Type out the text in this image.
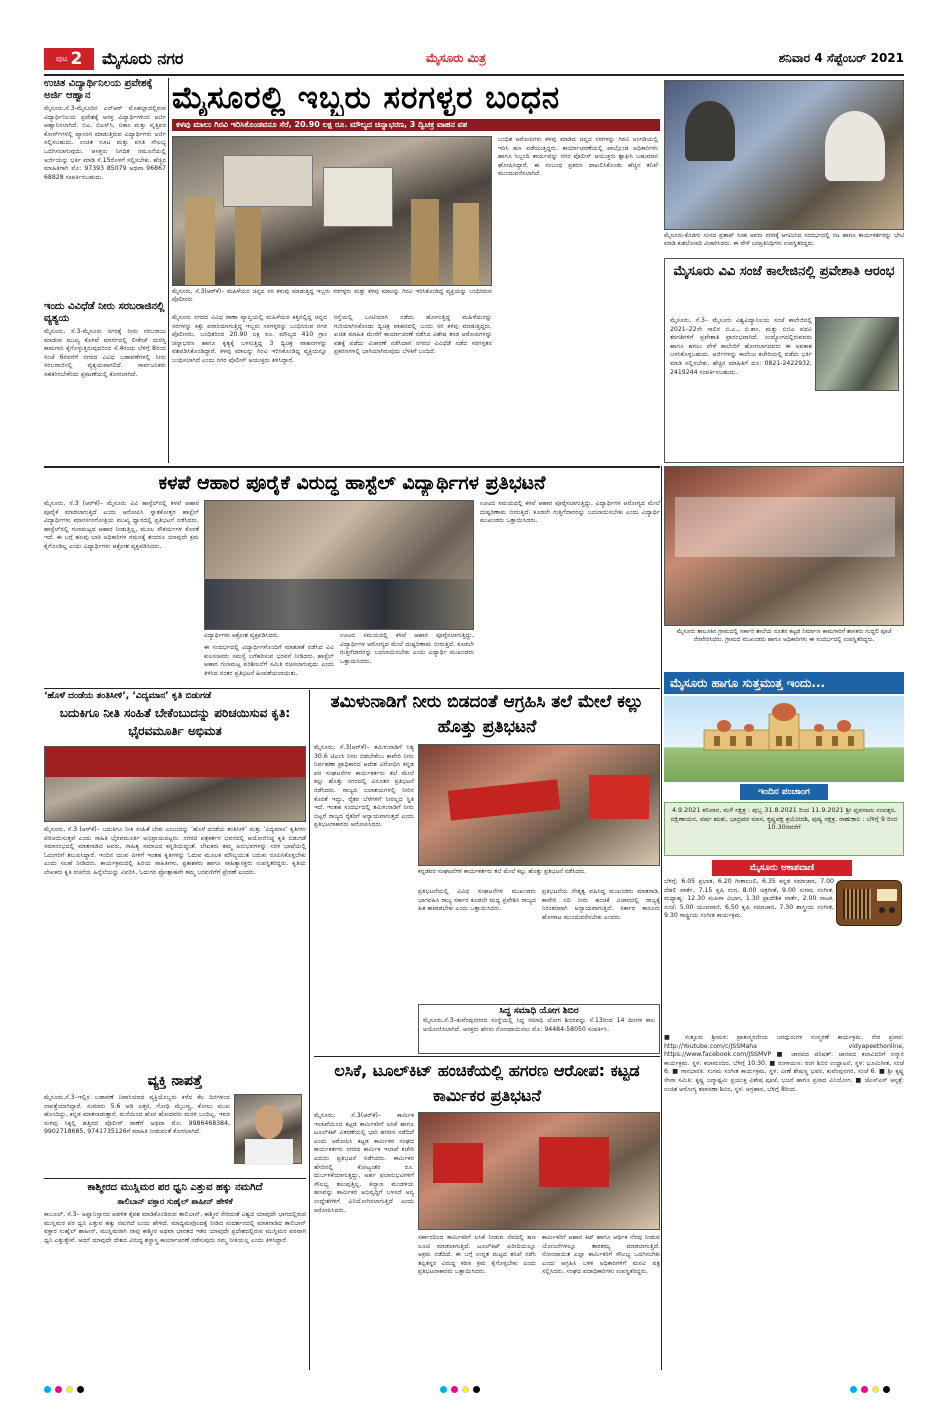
ಪುಟ 2 ಮೈಸೂರು ನಗರ	ಮೈಸೂರು ಮಿತ್ರ	ಶನಿವಾರ 4 ಸೆಪ್ಟೆಂಬರ್ 2021
ಉಚಿತ ವಿದ್ಯಾರ್ಥಿನಿಲಯ ಪ್ರವೇಶಕ್ಕೆ ಅರ್ಜಿ ಆಹ್ವಾನ
ಮೈಸೂರು,ಸೆ.3-ಮೈಸೂರಿನ ಎನ್‌ಆರ್ ಮೊಹಲ್ಲಾದಲ್ಲಿರುವ ವಿದ್ಯಾರ್ಥಿನಿಲಯ ಪ್ರವೇಶಕ್ಕೆ ಆಸಕ್ತ ವಿದ್ಯಾರ್ಥಿಗಳಿಂದ ಅರ್ಜಿ ಆಹ್ವಾನಿಸಲಾಗಿದೆ. ಬಿಎ, ಬಿಎಸ್‌ಸಿ, ಬಿಕಾಂ ಮತ್ತು ವೃತ್ತಿಪರ ಕೋರ್ಸ್‌ಗಳಲ್ಲಿ ವ್ಯಾಸಂಗ ಮಾಡುತ್ತಿರುವ ವಿದ್ಯಾರ್ಥಿಗಳು ಅರ್ಜಿ ಸಲ್ಲಿಸಬಹುದು. ಉಚಿತ ಊಟ ಮತ್ತು ವಸತಿ ಸೌಲಭ್ಯ ಒದಗಿಸಲಾಗುವುದು. ಆಸಕ್ತರು ನಿಗದಿತ ನಮೂನೆಯಲ್ಲಿ ಅರ್ಜಿಯನ್ನು ಭರ್ತಿ ಮಾಡಿ ಸೆ.15ರೊಳಗೆ ಸಲ್ಲಿಸಬೇಕು. ಹೆಚ್ಚಿನ ಮಾಹಿತಿಗಾಗಿ ಮೊ: 97393 85079 ಅಥವಾ 96867 68828 ಸಂಪರ್ಕಿಸಬಹುದು.
ಇಂದು ವಿವಿಧೆಡೆ ನೀರು ಸರಬರಾಜಿನಲ್ಲಿ ವ್ಯತ್ಯಯ
ಮೈಸೂರು, ಸೆ.3-ಮೈಸೂರು ನಗರಕ್ಕೆ ನೀರು ಸರಬರಾಜು ಮಾಡುವ ಮುಖ್ಯ ಕೊಳವೆ ಮಾರ್ಗದಲ್ಲಿ ಲೀಕೇಜ್ ದುರಸ್ತಿ ಕಾಮಗಾರಿ ಕೈಗೊಳ್ಳುತ್ತಿರುವುದರಿಂದ ಸೆ.4ರಂದು ಬೆಳಿಗ್ಗೆ 8ರಿಂದ ಸಂಜೆ 6ರವರೆಗೆ ನಗರದ ವಿವಿಧ ಬಡಾವಣೆಗಳಲ್ಲಿ ನೀರು ಸರಬರಾಜಿನಲ್ಲಿ ವ್ಯತ್ಯಯವಾಗಲಿದೆ. ಸಾರ್ವಜನಿಕರು ಸಹಕರಿಸಬೇಕೆಂದು ಪ್ರಕಟಣೆಯಲ್ಲಿ ಕೋರಲಾಗಿದೆ.
ಮೈಸೂರಲ್ಲಿ ಇಬ್ಬರು ಸರಗಳ್ಳರ ಬಂಧನ
ಕಳವು ಮಾಲು ಗಿರವಿ ಇರಿಸಿಕೊಂಡವನೂ ಸೆರೆ, 20.90 ಲಕ್ಷ ರೂ. ಮೌಲ್ಯದ ಚಿನ್ನಾಭರಣ, 3 ದ್ವಿಚಕ್ರ ವಾಹನ ವಶ
ಮೈಸೂರು, ಸೆ.3(ಆರ್‌ಕೆ)– ಮಹಿಳೆಯರ ಚಿನ್ನದ ಸರ ಕಳುವು ಮಾಡುತ್ತಿದ್ದ ಇಬ್ಬರು ಸರಗಳ್ಳರು ಮತ್ತು ಕಳವು ಮಾಲನ್ನು ಗಿರವಿ ಇರಿಸಿಕೊಂಡಿದ್ದ ವ್ಯಕ್ತಿಯನ್ನು ಬಂಧಿಸಿರುವ ಪೊಲೀಸರು
ಮೈಸೂರು ನಗರದ ವಿವಿಧ ಠಾಣಾ ವ್ಯಾಪ್ತಿಯಲ್ಲಿ ಮಹಿಳೆಯರ ಕತ್ತಿನಲ್ಲಿದ್ದ ಚಿನ್ನದ ಸರಗಳನ್ನು ಕಿತ್ತು ಪರಾರಿಯಾಗುತ್ತಿದ್ದ ಇಬ್ಬರು ಸರಗಳ್ಳರನ್ನು ಬಂಧಿಸಿರುವ ನಗರ ಪೊಲೀಸರು, ಬಂಧಿತರಿಂದ 20.90 ಲಕ್ಷ ರೂ. ಮೌಲ್ಯದ 410 ಗ್ರಾಂ ಚಿನ್ನಾಭರಣ ಹಾಗೂ ಕೃತ್ಯಕ್ಕೆ ಬಳಸುತ್ತಿದ್ದ 3 ದ್ವಿಚಕ್ರ ವಾಹನಗಳನ್ನು ವಶಪಡಿಸಿಕೊಂಡಿದ್ದಾರೆ. ಕಳವು ಮಾಲನ್ನು ಗಿರವಿ ಇರಿಸಿಕೊಂಡಿದ್ದ ವ್ಯಕ್ತಿಯನ್ನೂ ಬಂಧಿಸಲಾಗಿದೆ ಎಂದು ನಗರ ಪೊಲೀಸ್ ಆಯುಕ್ತರು ತಿಳಿಸಿದ್ದಾರೆ.
ರಸ್ತೆಯಲ್ಲಿ ಒಂಟಿಯಾಗಿ ನಡೆದು ಹೋಗುತ್ತಿದ್ದ ಮಹಿಳೆಯರನ್ನು ಗುರಿಯಾಗಿಸಿಕೊಂಡು ದ್ವಿಚಕ್ರ ವಾಹನದಲ್ಲಿ ಬಂದು ಸರ ಕಳವು ಮಾಡುತ್ತಿದ್ದರು. ಖಚಿತ ಮಾಹಿತಿ ಮೇರೆಗೆ ಕಾರ್ಯಾಚರಣೆ ನಡೆಸಿದ ವಿಶೇಷ ತಂಡ ಆರೋಪಿಗಳನ್ನು ವಶಕ್ಕೆ ಪಡೆದು ವಿಚಾರಣೆ ನಡೆಸಿದಾಗ ನಗರದ ವಿವಿಧೆಡೆ ನಡೆದ ಸರಗಳ್ಳತನ ಪ್ರಕರಣಗಳಲ್ಲಿ ಭಾಗಿಯಾಗಿರುವುದು ಬೆಳಕಿಗೆ ಬಂದಿದೆ.
ಬಂಧಿತ ಆರೋಪಿಗಳು ಕಳವು ಮಾಡಿದ ಚಿನ್ನದ ಸರಗಳನ್ನು ಗಿರವಿ ಅಂಗಡಿಯಲ್ಲಿ ಇರಿಸಿ ಹಣ ಪಡೆಯುತ್ತಿದ್ದರು. ಕಾರ್ಯಾಚರಣೆಯಲ್ಲಿ ಪಾಲ್ಗೊಂಡ ಅಧಿಕಾರಿಗಳು ಹಾಗೂ ಸಿಬ್ಬಂದಿ ಕಾರ್ಯವನ್ನು ನಗರ ಪೊಲೀಸ್ ಆಯುಕ್ತರು ಶ್ಲಾಘಿಸಿ ಬಹುಮಾನ ಘೋಷಿಸಿದ್ದಾರೆ. ಈ ಸಂಬಂಧ ಪ್ರಕರಣ ದಾಖಲಿಸಿಕೊಂಡು ಹೆಚ್ಚಿನ ತನಿಖೆ ಮುಂದುವರೆಸಲಾಗಿದೆ.
ಮೈಸೂರು-ಕೊಡಗು ಸಂಸದ ಪ್ರತಾಪ್ ಸಿಂಹ ಅವರು ನಗರಕ್ಕೆ ಆಗಮಿಸಿದ ಸಂದರ್ಭದಲ್ಲಿ ನಟ ಹಾಗೂ ಕಾರ್ಯಕರ್ತರನ್ನು ಭೇಟಿ ಮಾಡಿ ಕುಶಲೋಪರಿ ವಿಚಾರಿಸಿದರು. ಈ ವೇಳೆ ಜನಪ್ರತಿನಿಧಿಗಳು ಉಪಸ್ಥಿತರಿದ್ದರು.
ಮೈಸೂರು ವಿವಿ ಸಂಜೆ ಕಾಲೇಜಿನಲ್ಲಿ ಪ್ರವೇಶಾತಿ ಆರಂಭ
ಮೈಸೂರು, ಸೆ.3– ಮೈಸೂರು ವಿಶ್ವವಿದ್ಯಾನಿಲಯ ಸಂಜೆ ಕಾಲೇಜಿನಲ್ಲಿ 2021–22ನೇ ಸಾಲಿನ ಬಿ.ಎ., ಬಿ.ಕಾಂ. ಮತ್ತು ಬಿಬಿಎ ಪದವಿ ತರಗತಿಗಳಿಗೆ ಪ್ರವೇಶಾತಿ ಪ್ರಾರಂಭವಾಗಿದೆ. ಉದ್ಯೋಗದಲ್ಲಿರುವವರು ಹಾಗೂ ಹಗಲು ವೇಳೆ ಕಾಲೇಜಿಗೆ ಹೋಗಲಾಗದವರು ಈ ಅವಕಾಶ ಬಳಸಿಕೊಳ್ಳಬಹುದು. ಅರ್ಜಿಗಳನ್ನು ಕಾಲೇಜು ಕಚೇರಿಯಲ್ಲಿ ಪಡೆದು ಭರ್ತಿ ಮಾಡಿ ಸಲ್ಲಿಸಬೇಕು. ಹೆಚ್ಚಿನ ಮಾಹಿತಿಗೆ ದೂ: 0821-2422932, 2419244 ಸಂಪರ್ಕಿಸಬಹುದು.
ಕಳಪೆ ಆಹಾರ ಪೂರೈಕೆ ವಿರುದ್ಧ ಹಾಸ್ಟೆಲ್ ವಿದ್ಯಾರ್ಥಿಗಳ ಪ್ರತಿಭಟನೆ
ಮೈಸೂರು, ಸೆ.3 (ಆರ್‌ಕೆ)– ಮೈಸೂರು ವಿವಿ ಹಾಸ್ಟೆಲ್‌ನಲ್ಲಿ ಕಳಪೆ ಆಹಾರ ಪೂರೈಕೆ ಮಾಡಲಾಗುತ್ತಿದೆ ಎಂದು ಆರೋಪಿಸಿ ಸ್ನಾತಕೋತ್ತರ ಹಾಸ್ಟೆಲ್ ವಿದ್ಯಾರ್ಥಿಗಳು ಮಾನಸಗಂಗೋತ್ರಿಯ ಮುಖ್ಯ ದ್ವಾರದಲ್ಲಿ ಪ್ರತಿಭಟನೆ ನಡೆಸಿದರು. ಹಾಸ್ಟೆಲ್‌ನಲ್ಲಿ ಗುಣಮಟ್ಟದ ಆಹಾರ ನೀಡುತ್ತಿಲ್ಲ, ಮೂಲ ಸೌಕರ್ಯಗಳ ಕೊರತೆ ಇದೆ. ಈ ಬಗ್ಗೆ ಹಲವು ಬಾರಿ ಅಧಿಕಾರಿಗಳ ಗಮನಕ್ಕೆ ತಂದರೂ ಯಾವುದೇ ಕ್ರಮ ಕೈಗೊಂಡಿಲ್ಲ ಎಂದು ವಿದ್ಯಾರ್ಥಿಗಳು ಆಕ್ರೋಶ ವ್ಯಕ್ತಪಡಿಸಿದರು.
ವಿದ್ಯಾರ್ಥಿಗಳು ಆಕ್ರೋಶ ವ್ಯಕ್ತಪಡಿಸಿದರು.
ಈ ಸಂದರ್ಭದಲ್ಲಿ ವಿದ್ಯಾರ್ಥಿಗಳೊಂದಿಗೆ ಮಾತುಕತೆ ನಡೆಸಿದ ವಿವಿ ಕುಲಸಚಿವರು ಸಮಸ್ಯೆ ಬಗೆಹರಿಸುವ ಭರವಸೆ ನೀಡಿದರು. ಹಾಸ್ಟೆಲ್ ಆಹಾರ ಗುಣಮಟ್ಟ ಪರಿಶೀಲನೆಗೆ ಸಮಿತಿ ರಚಿಸಲಾಗುವುದು ಎಂದು ತಿಳಿಸಿದ ನಂತರ ಪ್ರತಿಭಟನೆ ಹಿಂಪಡೆಯಲಾಯಿತು.
ಊಟದ ಸಮಯದಲ್ಲಿ ಕಳಪೆ ಆಹಾರ ಪೂರೈಸಲಾಗುತ್ತಿದ್ದು, ವಿದ್ಯಾರ್ಥಿಗಳ ಆರೋಗ್ಯದ ಮೇಲೆ ದುಷ್ಪರಿಣಾಮ ಬೀರುತ್ತಿದೆ. ಕೂಡಲೇ ಗುತ್ತಿಗೆದಾರರನ್ನು ಬದಲಾಯಿಸಬೇಕು ಎಂದು ವಿದ್ಯಾರ್ಥಿ ಮುಖಂಡರು ಒತ್ತಾಯಿಸಿದರು.
ಊಟದ ಸಮಯದಲ್ಲಿ ಕಳಪೆ ಆಹಾರ ಪೂರೈಸಲಾಗುತ್ತಿದ್ದು, ವಿದ್ಯಾರ್ಥಿಗಳ ಆರೋಗ್ಯದ ಮೇಲೆ ದುಷ್ಪರಿಣಾಮ ಬೀರುತ್ತಿದೆ. ಕೂಡಲೇ ಗುತ್ತಿಗೆದಾರರನ್ನು ಬದಲಾಯಿಸಬೇಕು ಎಂದು ವಿದ್ಯಾರ್ಥಿ ಮುಖಂಡರು ಒತ್ತಾಯಿಸಿದರು.
ಮೈಸೂರು ತಾಲೂಕಿನ ಗ್ರಾಮದಲ್ಲಿ ಸರ್ಕಾರಿ ಶಾಲೆಯ ನೂತನ ಕಟ್ಟಡ ನಿರ್ಮಾಣ ಕಾಮಗಾರಿಗೆ ಶಾಸಕರು ಗುದ್ದಲಿ ಪೂಜೆ ನೆರವೇರಿಸಿದರು. ಗ್ರಾಮದ ಮುಖಂಡರು ಹಾಗೂ ಅಧಿಕಾರಿಗಳು ಈ ಸಂದರ್ಭದಲ್ಲಿ ಉಪಸ್ಥಿತರಿದ್ದರು.
ಮೈಸೂರು ಹಾಗೂ ಸುತ್ತಮುತ್ತ ಇಂದು...
ಇಂದಿನ ಪಂಚಾಂಗ
4.9.2021 ಶನಿವಾರ, ಮಳೆ ನಕ್ಷತ್ರ : ಪುಬ್ಬ 31.8.2021 ರಿಂದ 11.9.2021 ಶ್ರೀ ಪ್ಲವನಾಮ ಸಂವತ್ಸರ, ದಕ್ಷಿಣಾಯನ, ವರ್ಷ ಋತು, ಭಾದ್ರಪದ ಮಾಸ, ಕೃಷ್ಣಪಕ್ಷ ತ್ರಯೋದಶಿ, ಪುಷ್ಯ ನಕ್ಷತ್ರ. ರಾಹುಕಾಲ : ಬೆಳಿಗ್ಗೆ 9 ರಿಂದ 10.30ರವರೆಗೆ
ಮೈಸೂರು ಆಕಾಶವಾಣಿ
ಬೆಳಿಗ್ಗೆ: 6.05 ಪ್ರಭಾತ, 6.20 ಗೀತಾಂಜಲಿ, 6.35 ಕನ್ನಡ ಸಮಾಚಾರ, 7.00 ದೆಹಲಿ ವಾರ್ತೆ, 7.15 ಕೃಷಿ ರಂಗ, 8.00 ಚಿತ್ರಗೀತೆ, 9.00 ಸುಗಮ ಸಂಗೀತ. ಮಧ್ಯಾಹ್ನ: 12.30 ಮಹಿಳಾ ವಿಭಾಗ, 1.30 ಪ್ರಾದೇಶಿಕ ವಾರ್ತೆ, 2.00 ನಾಟಕ. ಸಂಜೆ: 5.00 ಯುವವಾಣಿ, 6.50 ಕೃಷಿ ಸಮಾಚಾರ, 7.30 ಶಾಸ್ತ್ರೀಯ ಸಂಗೀತ, 9.30 ರಾಷ್ಟ್ರೀಯ ಸಂಗೀತ ಕಾರ್ಯಕ್ರಮ.
■ ಸುತ್ತೂರು ಶ್ರೀಮಠ: ಪ್ರಾತಃಸ್ಮರಣೀಯ ಜಗದ್ಗುರುಗಳ ಸಂಸ್ಮರಣೆ ಕಾರ್ಯಕ್ರಮ. ನೇರ ಪ್ರಸಾರ: http://Youtube.com/c/JSSMaha vidyapeethonline, https://www.facebook.com/JSSMVP ■ ಜಾನಪದ ಪರಿಷತ್: ಜಾನಪದ ಕಲಾವಿದರಿಗೆ ಸನ್ಮಾನ ಕಾರ್ಯಕ್ರಮ. ಸ್ಥಳ: ಕಲಾಮಂದಿರ, ಬೆಳಿಗ್ಗೆ 10.30. ■ ರಂಗಾಯಣ: ರಂಗ ಶಿಬಿರ ಉದ್ಘಾಟನೆ, ಸ್ಥಳ: ಭೂಮಿಗೀತ, ಸಂಜೆ 6. ■ ಗಾನಭಾರತಿ: ಸುಗಮ ಸಂಗೀತ ಕಾರ್ಯಕ್ರಮ, ಸ್ಥಳ: ವೀಣೆ ಶೇಷಣ್ಣ ಭವನ, ಕುವೆಂಪುನಗರ, ಸಂಜೆ 6. ■ ಶ್ರೀ ಕೃಷ್ಣ ಸೇವಾ ಸಮಿತಿ: ಕೃಷ್ಣ ಜನ್ಮಾಷ್ಟಮಿ ಪ್ರಯುಕ್ತ ವಿಶೇಷ ಪೂಜೆ, ಭಜನೆ ಹಾಗೂ ಪ್ರಸಾದ ವಿನಿಯೋಗ. ■ ಜೆಎಸ್‌ಎಸ್ ಆಸ್ಪತ್ರೆ: ಉಚಿತ ಆರೋಗ್ಯ ತಪಾಸಣಾ ಶಿಬಿರ, ಸ್ಥಳ: ಅಗ್ರಹಾರ, ಬೆಳಿಗ್ಗೆ 8ರಿಂದ.
‘ಹೊಳೆ ದಂಡೆಯ ತಂತಿಸೀಳಿ’, ‘ವಿದ್ಯಮಾನ’ ಕೃತಿ ಬಿಡುಗಡೆ
ಬದುಕಿಗೂ ನೀತಿ ಸಂಹಿತೆ ಬೇಕೆಂಬುದನ್ನು ಪರಿಚಯಿಸುವ ಕೃತಿ: ಭೈರವಮೂರ್ತಿ ಅಭಿಮತ
ಮೈಸೂರು, ಸೆ.3 (ಆರ್‌ಕೆ)– ಬದುಕಿಗೂ ನೀತಿ ಸಂಹಿತೆ ಬೇಕು ಎಂಬುದನ್ನು ‘ಹೊಳೆ ದಂಡೆಯ ತಂತಿಸೀಳಿ’ ಮತ್ತು ‘ವಿದ್ಯಮಾನ’ ಕೃತಿಗಳು ಪರಿಚಯಿಸುತ್ತವೆ ಎಂದು ಸಾಹಿತಿ ಭೈರವಮೂರ್ತಿ ಅಭಿಪ್ರಾಯಪಟ್ಟರು. ನಗರದ ಪತ್ರಕರ್ತರ ಭವನದಲ್ಲಿ ಆಯೋಜಿಸಿದ್ದ ಕೃತಿ ಬಿಡುಗಡೆ ಸಮಾರಂಭದಲ್ಲಿ ಮಾತನಾಡಿದ ಅವರು, ಸಾಹಿತ್ಯ ಸಮಾಜದ ಕನ್ನಡಿಯಿದ್ದಂತೆ. ಲೇಖಕರು ತಮ್ಮ ಅನುಭವಗಳನ್ನು ಸರಳ ಭಾಷೆಯಲ್ಲಿ ಓದುಗರಿಗೆ ತಲುಪಿಸಿದ್ದಾರೆ. ಇಂದಿನ ಯುವ ಪೀಳಿಗೆ ಇಂತಹ ಕೃತಿಗಳನ್ನು ಓದುವ ಮೂಲಕ ಮೌಲ್ಯಯುತ ಬದುಕು ರೂಪಿಸಿಕೊಳ್ಳಬೇಕು ಎಂದು ಸಲಹೆ ನೀಡಿದರು. ಕಾರ್ಯಕ್ರಮದಲ್ಲಿ ಹಿರಿಯ ಸಾಹಿತಿಗಳು, ಪ್ರಕಾಶಕರು ಹಾಗೂ ಸಾಹಿತ್ಯಾಸಕ್ತರು ಉಪಸ್ಥಿತರಿದ್ದರು. ಕೃತಿಯ ಲೇಖಕರು ಕೃತಿ ರಚನೆಯ ಹಿನ್ನೆಲೆಯನ್ನು ವಿವರಿಸಿ, ಓದುಗರ ಪ್ರೋತ್ಸಾಹವೇ ತಮ್ಮ ಬರವಣಿಗೆಗೆ ಪ್ರೇರಣೆ ಎಂದರು.
ವ್ಯಕ್ತಿ ನಾಪತ್ತೆ
ಮೈಸೂರು,ಸೆ.3–ಇಲ್ಲಿನ ಬಡಾವಣೆ ನಿವಾಸಿಯಾದ ವ್ಯಕ್ತಿಯೊಬ್ಬರು ಕಳೆದ ಕೆಲ ದಿನಗಳಿಂದ ನಾಪತ್ತೆಯಾಗಿದ್ದಾರೆ. ಸುಮಾರು 5.6 ಅಡಿ ಎತ್ತರ, ಗೋಧಿ ಮೈಬಣ್ಣ, ಕೋಲು ಮುಖ ಹೊಂದಿದ್ದು, ಕನ್ನಡ ಮಾತನಾಡುತ್ತಾರೆ. ಮನೆಯಿಂದ ಹೊರ ಹೋದವರು ಮರಳಿ ಬಂದಿಲ್ಲ. ಇವರ ಸುಳಿವು ಸಿಕ್ಕಲ್ಲಿ ಹತ್ತಿರದ ಪೊಲೀಸ್ ಠಾಣೆಗೆ ಅಥವಾ ಮೊ: 9986468384, 9902718685, 9741735126ಗೆ ಮಾಹಿತಿ ನೀಡುವಂತೆ ಕೋರಲಾಗಿದೆ.
ಕಾಶ್ಮೀರದ ಮುಸ್ಲಿಮರ ಪರ ಧ್ವನಿ ಎತ್ತುವ ಹಕ್ಕು ನಮಗಿದೆ
ತಾಲಿಬಾನ್ ವಕ್ತಾರ ಸುಹೈಲ್ ಶಾಹೀನ್ ಹೇಳಿಕೆ
ಕಾಬೂಲ್, ಸೆ.3– ಅಫ್ಘಾನಿಸ್ತಾನದ ಆಡಳಿತ ಕೈವಶ ಮಾಡಿಕೊಂಡಿರುವ ತಾಲಿಬಾನ್, ಕಾಶ್ಮೀರ ಸೇರಿದಂತೆ ವಿಶ್ವದ ಯಾವುದೇ ಭಾಗದಲ್ಲಿರುವ ಮುಸ್ಲಿಮರ ಪರ ಧ್ವನಿ ಎತ್ತುವ ಹಕ್ಕು ನಮಗಿದೆ ಎಂದು ಹೇಳಿದೆ. ಮಾಧ್ಯಮವೊಂದಕ್ಕೆ ನೀಡಿದ ಸಂದರ್ಶನದಲ್ಲಿ ಮಾತನಾಡಿದ ತಾಲಿಬಾನ್ ವಕ್ತಾರ ಸುಹೈಲ್ ಶಾಹೀನ್, ಮುಸ್ಲಿಮರಾಗಿ ನಾವು ಕಾಶ್ಮೀರ ಅಥವಾ ಭಾರತದ ಇತರ ಯಾವುದೇ ಪ್ರದೇಶದಲ್ಲಿರುವ ಮುಸ್ಲಿಮರ ಪರವಾಗಿ ಧ್ವನಿ ಎತ್ತುತ್ತೇವೆ. ಆದರೆ ಯಾವುದೇ ದೇಶದ ವಿರುದ್ಧ ಶಸ್ತ್ರಾಸ್ತ್ರ ಕಾರ್ಯಾಚರಣೆ ನಡೆಸುವುದು ನಮ್ಮ ನೀತಿಯಲ್ಲ ಎಂದು ತಿಳಿಸಿದ್ದಾರೆ.
ತಮಿಳುನಾಡಿಗೆ ನೀರು ಬಿಡದಂತೆ ಆಗ್ರಹಿಸಿ ತಲೆ ಮೇಲೆ ಕಲ್ಲು ಹೊತ್ತು ಪ್ರತಿಭಟನೆ
ಮೈಸೂರು, ಸೆ.3(ಆರ್‌ಕೆ)– ತಮಿಳುನಾಡಿಗೆ ನಿತ್ಯ 30.6 ಟಿಎಂಸಿ ನೀರು ಬಿಡಬೇಕೆಂಬ ಕಾವೇರಿ ನೀರು ನಿರ್ವಹಣಾ ಪ್ರಾಧಿಕಾರದ ಆದೇಶ ವಿರೋಧಿಸಿ ಕನ್ನಡ ಪರ ಸಂಘಟನೆಗಳ ಕಾರ್ಯಕರ್ತರು ತಲೆ ಮೇಲೆ ಕಲ್ಲು ಹೊತ್ತು ನಗರದಲ್ಲಿ ವಿನೂತನ ಪ್ರತಿಭಟನೆ ನಡೆಸಿದರು. ರಾಜ್ಯದ ಜಲಾಶಯಗಳಲ್ಲಿ ನೀರಿನ ಕೊರತೆ ಇದ್ದು, ರೈತರ ಬೆಳೆಗಳಿಗೆ ನೀರಿಲ್ಲದ ಸ್ಥಿತಿ ಇದೆ. ಇಂತಹ ಸಂದರ್ಭದಲ್ಲಿ ತಮಿಳುನಾಡಿಗೆ ನೀರು ಬಿಟ್ಟರೆ ರಾಜ್ಯದ ರೈತರಿಗೆ ಅನ್ಯಾಯವಾಗುತ್ತದೆ ಎಂದು ಪ್ರತಿಭಟನಾಕಾರರು ಆರೋಪಿಸಿದರು.
ಕನ್ನಡಪರ ಸಂಘಟನೆಗಳ ಕಾರ್ಯಕರ್ತರು ತಲೆ ಮೇಲೆ ಕಲ್ಲು ಹೊತ್ತು ಪ್ರತಿಭಟನೆ ನಡೆಸಿದರು.
ಪ್ರತಿಭಟನೆಯಲ್ಲಿ ವಿವಿಧ ಸಂಘಟನೆಗಳ ಮುಖಂಡರು ಭಾಗವಹಿಸಿ ರಾಜ್ಯ ಸರ್ಕಾರ ಕೂಡಲೇ ಮಧ್ಯ ಪ್ರವೇಶಿಸಿ ರಾಜ್ಯದ ಹಿತ ಕಾಪಾಡಬೇಕು ಎಂದು ಒತ್ತಾಯಿಸಿದರು.
ಪ್ರತಿಭಟನೆಯ ನೇತೃತ್ವ ವಹಿಸಿದ್ದ ಮುಖಂಡರು ಮಾತನಾಡಿ, ಕಾವೇರಿ ನದಿ ನೀರು ಹಂಚಿಕೆ ವಿಚಾರದಲ್ಲಿ ರಾಜ್ಯಕ್ಕೆ ನಿರಂತರವಾಗಿ ಅನ್ಯಾಯವಾಗುತ್ತಿದೆ. ಸರ್ಕಾರ ಕಾನೂನು ಹೋರಾಟ ಮುಂದುವರೆಸಬೇಕು ಎಂದರು.
ಸಿದ್ಧ ಸಮಾಧಿ ಯೋಗ ಶಿಬಿರ
ಮೈಸೂರು,ಸೆ.3–ಕುವೆಂಪುನಗರದ ಸಂಸ್ಥೆಯಲ್ಲಿ ಸಿದ್ಧ ಸಮಾಧಿ ಯೋಗ ಶಿಬಿರವನ್ನು ಸೆ.13ರಿಂದ 14 ದಿನಗಳ ಕಾಲ ಆಯೋಜಿಸಲಾಗಿದೆ. ಆಸಕ್ತರು ಹೆಸರು ನೋಂದಾಯಿಸಲು ಮೊ: 94484-58050 ಸಂಪರ್ಕಿಸಿ.
ಲಸಿಕೆ, ಟೂಲ್‌ಕಿಟ್ ಹಂಚಿಕೆಯಲ್ಲಿ ಹಗರಣ ಆರೋಪ: ಕಟ್ಟಡ ಕಾರ್ಮಿಕರ ಪ್ರತಿಭಟನೆ
ಮೈಸೂರು, ಸೆ.3(ಆರ್‌ಕೆ)– ಕಾರ್ಮಿಕ ಇಲಾಖೆಯಿಂದ ಕಟ್ಟಡ ಕಾರ್ಮಿಕರಿಗೆ ಲಸಿಕೆ ಹಾಗೂ ಟೂಲ್‌ಕಿಟ್ ವಿತರಣೆಯಲ್ಲಿ ಭಾರಿ ಹಗರಣ ನಡೆದಿದೆ ಎಂದು ಆರೋಪಿಸಿ ಕಟ್ಟಡ ಕಾರ್ಮಿಕರ ಸಂಘದ ಕಾರ್ಯಕರ್ತರು ನಗರದ ಕಾರ್ಮಿಕ ಇಲಾಖೆ ಕಚೇರಿ ಎದುರು ಪ್ರತಿಭಟನೆ ನಡೆಸಿದರು. ಕಾರ್ಮಿಕರ ಹೆಸರಿನಲ್ಲಿ ಕೋಟ್ಯಂತರ ರೂ. ದುರ್ಬಳಕೆಯಾಗುತ್ತಿದ್ದು, ಅರ್ಹ ಫಲಾನುಭವಿಗಳಿಗೆ ಸೌಲಭ್ಯ ತಲುಪುತ್ತಿಲ್ಲ. ಕಲ್ಯಾಣ ಮಂಡಳಿಯ ಹಣವನ್ನು ಕಾರ್ಮಿಕರ ಅಭಿವೃದ್ಧಿಗೆ ಬಳಸದೆ ಅನ್ಯ ಉದ್ದೇಶಗಳಿಗೆ ವಿನಿಯೋಗಿಸಲಾಗುತ್ತಿದೆ ಎಂದು ಆರೋಪಿಸಿದರು.
ಸರ್ಕಾರದಿಂದ ಕಾರ್ಮಿಕರಿಗೆ ಲಸಿಕೆ ನೀಡುವ ನೆಪದಲ್ಲಿ ಹಣ ಲೂಟಿ ಮಾಡಲಾಗುತ್ತಿದೆ. ಟೂಲ್‌ಕಿಟ್ ಖರೀದಿಯಲ್ಲೂ ಅಕ್ರಮ ನಡೆದಿದೆ. ಈ ಬಗ್ಗೆ ಉನ್ನತ ಮಟ್ಟದ ತನಿಖೆ ನಡೆಸಿ ತಪ್ಪಿತಸ್ಥರ ವಿರುದ್ಧ ಕಠಿಣ ಕ್ರಮ ಕೈಗೊಳ್ಳಬೇಕು ಎಂದು ಪ್ರತಿಭಟನಾಕಾರರು ಒತ್ತಾಯಿಸಿದರು.
ಕಾರ್ಮಿಕರಿಗೆ ಆಹಾರ ಕಿಟ್ ಹಾಗೂ ಆರ್ಥಿಕ ನೆರವು ನೀಡುವ ಯೋಜನೆಗಳಲ್ಲೂ ತಾರತಮ್ಯ ಮಾಡಲಾಗುತ್ತಿದೆ. ನೋಂದಾಯಿತ ಎಲ್ಲಾ ಕಾರ್ಮಿಕರಿಗೆ ಸೌಲಭ್ಯ ಒದಗಿಸಬೇಕು ಎಂದು ಆಗ್ರಹಿಸಿ ಬಳಿಕ ಅಧಿಕಾರಿಗಳಿಗೆ ಮನವಿ ಪತ್ರ ಸಲ್ಲಿಸಿದರು. ಸಂಘದ ಪದಾಧಿಕಾರಿಗಳು ಉಪಸ್ಥಿತರಿದ್ದರು.
